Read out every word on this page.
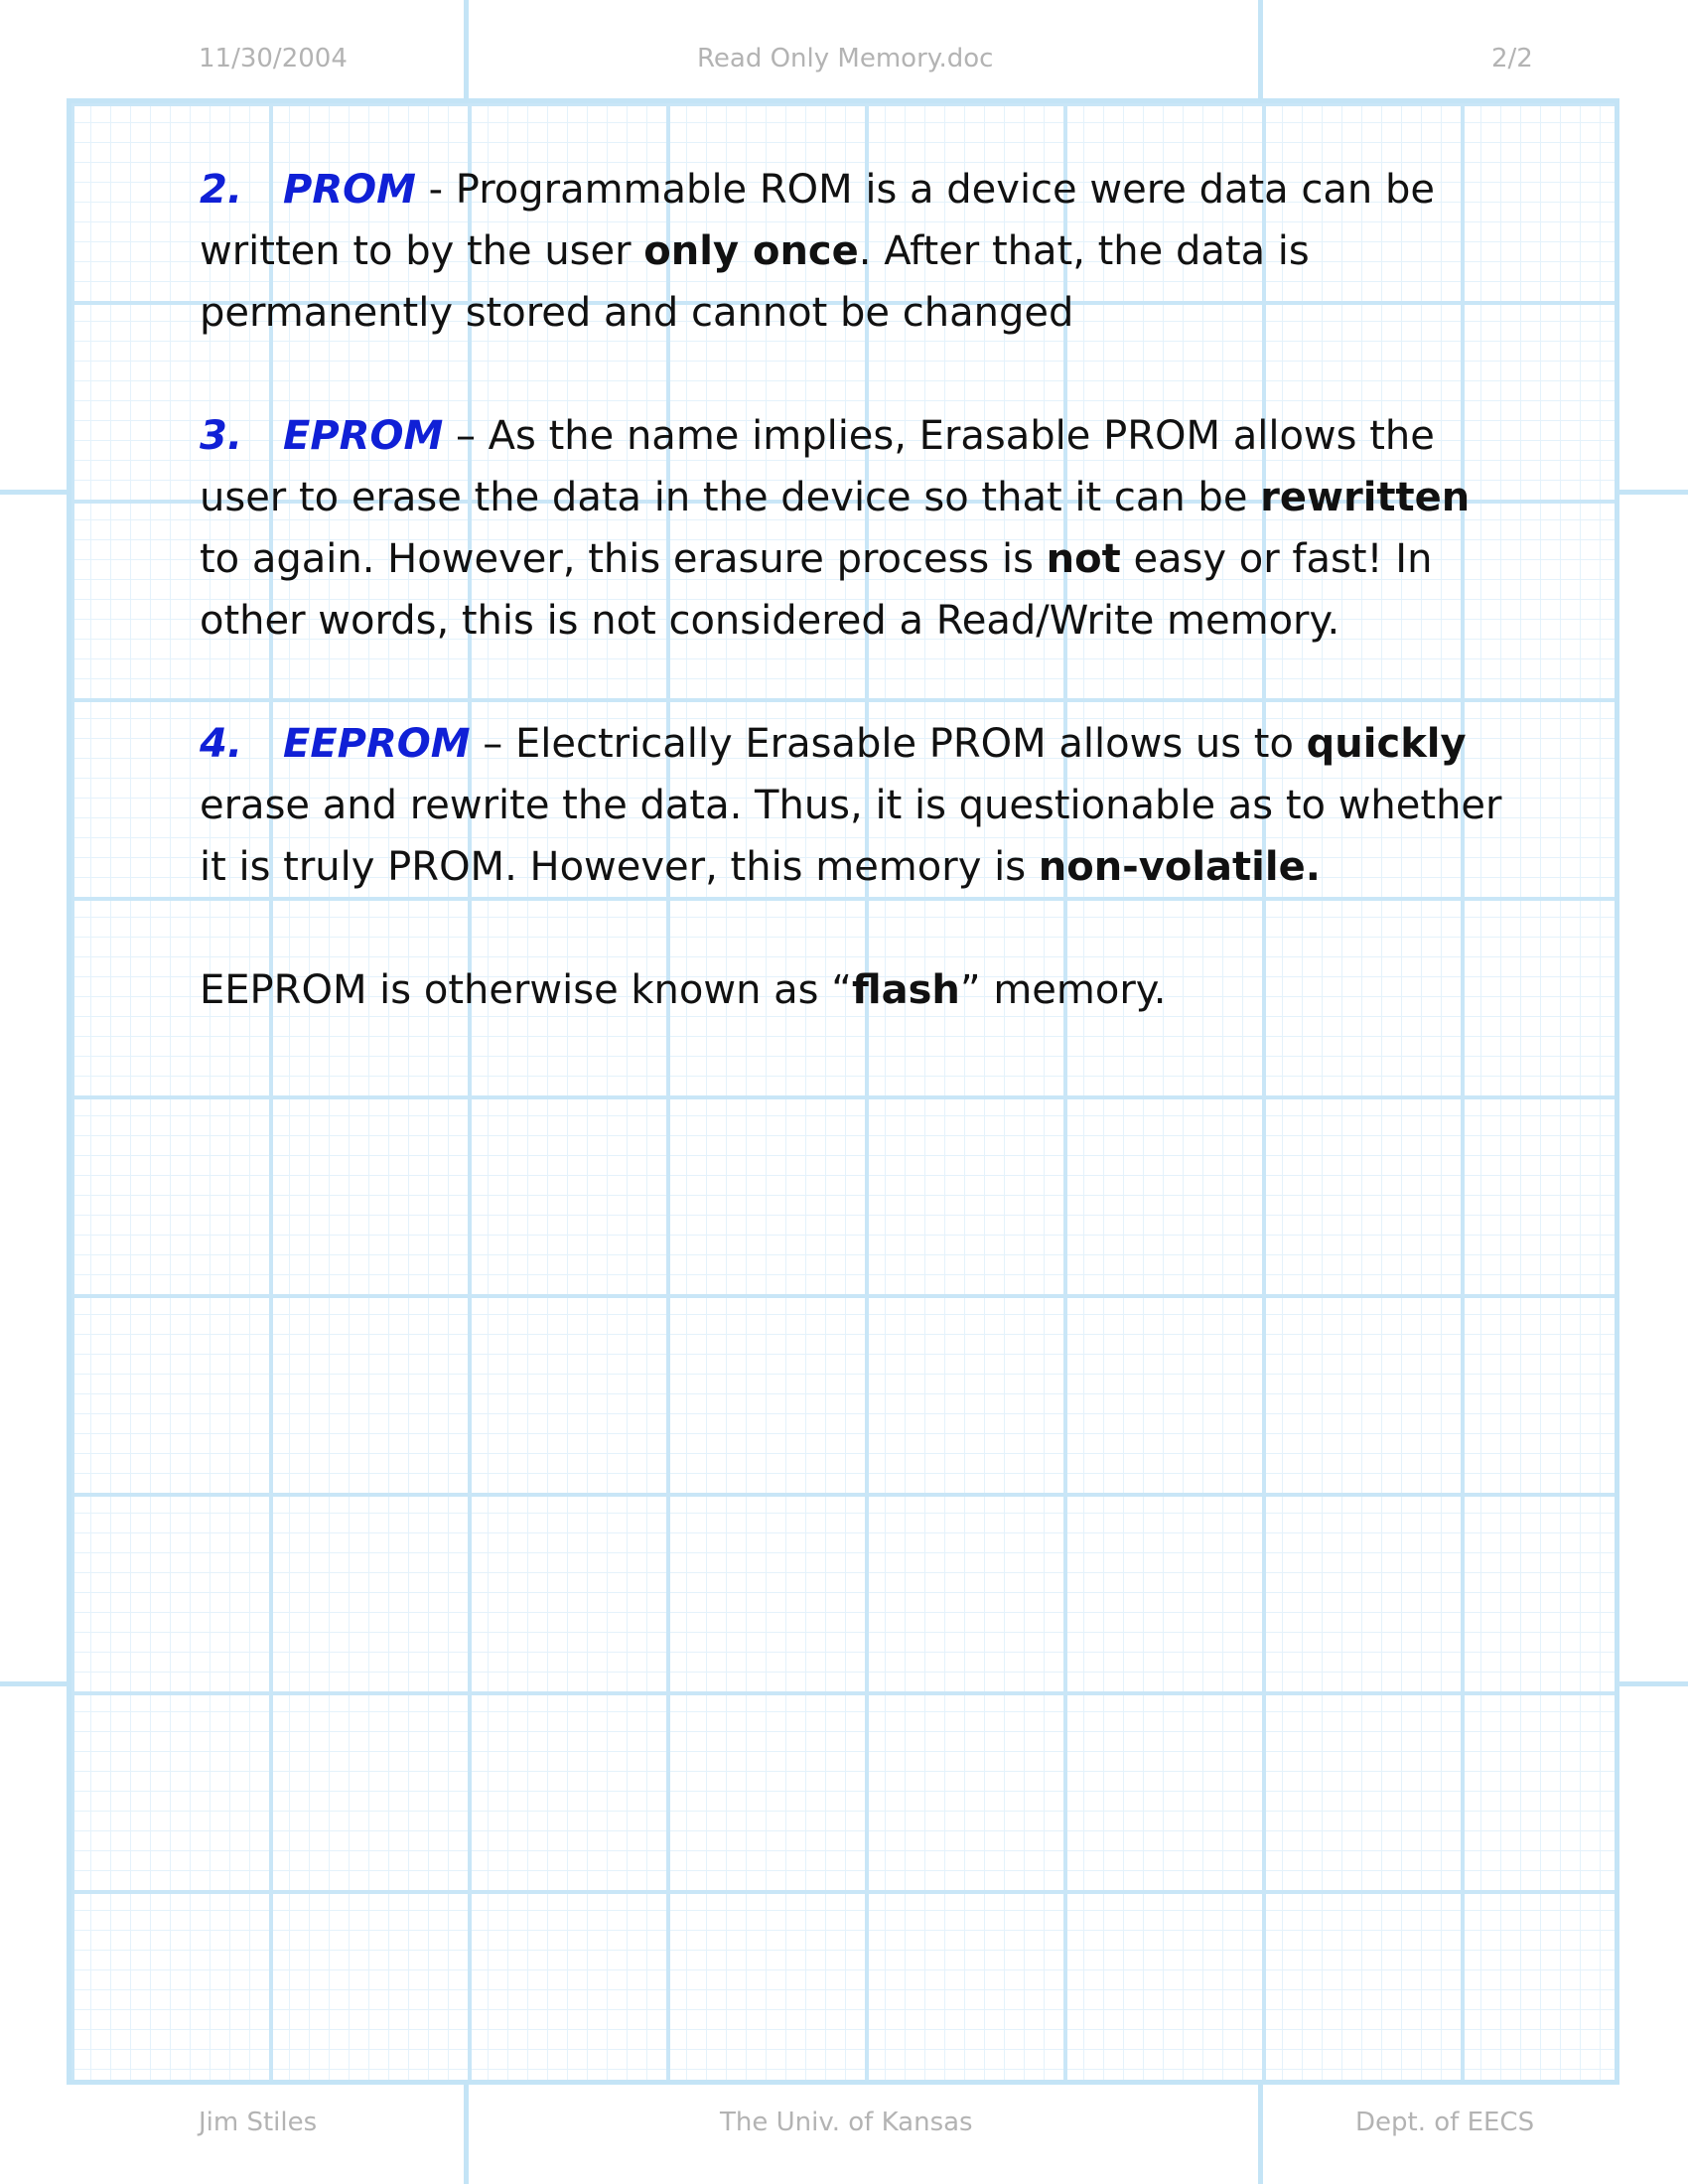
11/30/2004	Read Only Memory.doc	2/2

2. PROM - Programmable ROM is a device were data can be written to by the user only once. After that, the data is permanently stored and cannot be changed

3. EPROM – As the name implies, Erasable PROM allows the user to erase the data in the device so that it can be rewritten to again. However, this erasure process is not easy or fast! In other words, this is not considered a Read/Write memory.

4. EEPROM – Electrically Erasable PROM allows us to quickly erase and rewrite the data. Thus, it is questionable as to whether it is truly PROM. However, this memory is non-volatile.

EEPROM is otherwise known as “flash” memory.

Jim Stiles	The Univ. of Kansas	Dept. of EECS
